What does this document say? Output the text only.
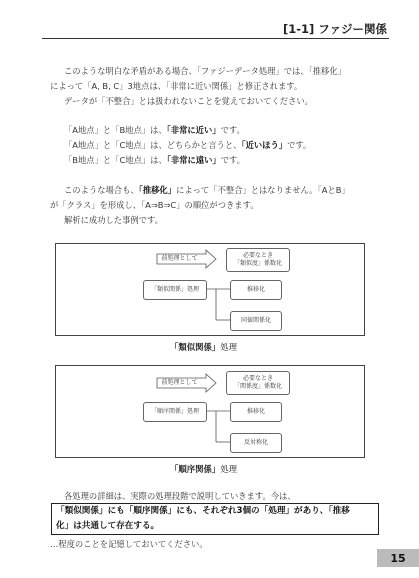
[1-1] ファジー関係
このような明白な矛盾がある場合、「ファジーデータ処理」では、「推移化」
によって「A, B, C」3地点は、「非常に近い関係」と修正されます。
データが「不整合」とは扱われないことを覚えておいてください。
「A地点」と「B地点」は、「非常に近い」です。
「A地点」と「C地点」は、どちらかと言うと、「近いほう」です。
「B地点」と「C地点」は、「非常に遠い」です。
このような場合も、「推移化」によって「不整合」とはなりません。「AとB」
が「クラス」を形成し、「A⇒B⇒C」の順位がつきます。
解析に成功した事例です。
前処理として	必要なとき
「類似度」係数化
「類似関係」処理	推移化
同値関係化
「類似関係」処理
前処理として
必要なとき
「関係度」係数化
「順序関係」処理	推移化
反対称化
「順序関係」処理
各処理の詳細は、実際の処理段階で説明していきます。今は、
「類似関係」にも「順序関係」にも、それぞれ3個の「処理」があり、「推移
化」は共通して存在する。
…程度のことを記憶しておいてください。
15
